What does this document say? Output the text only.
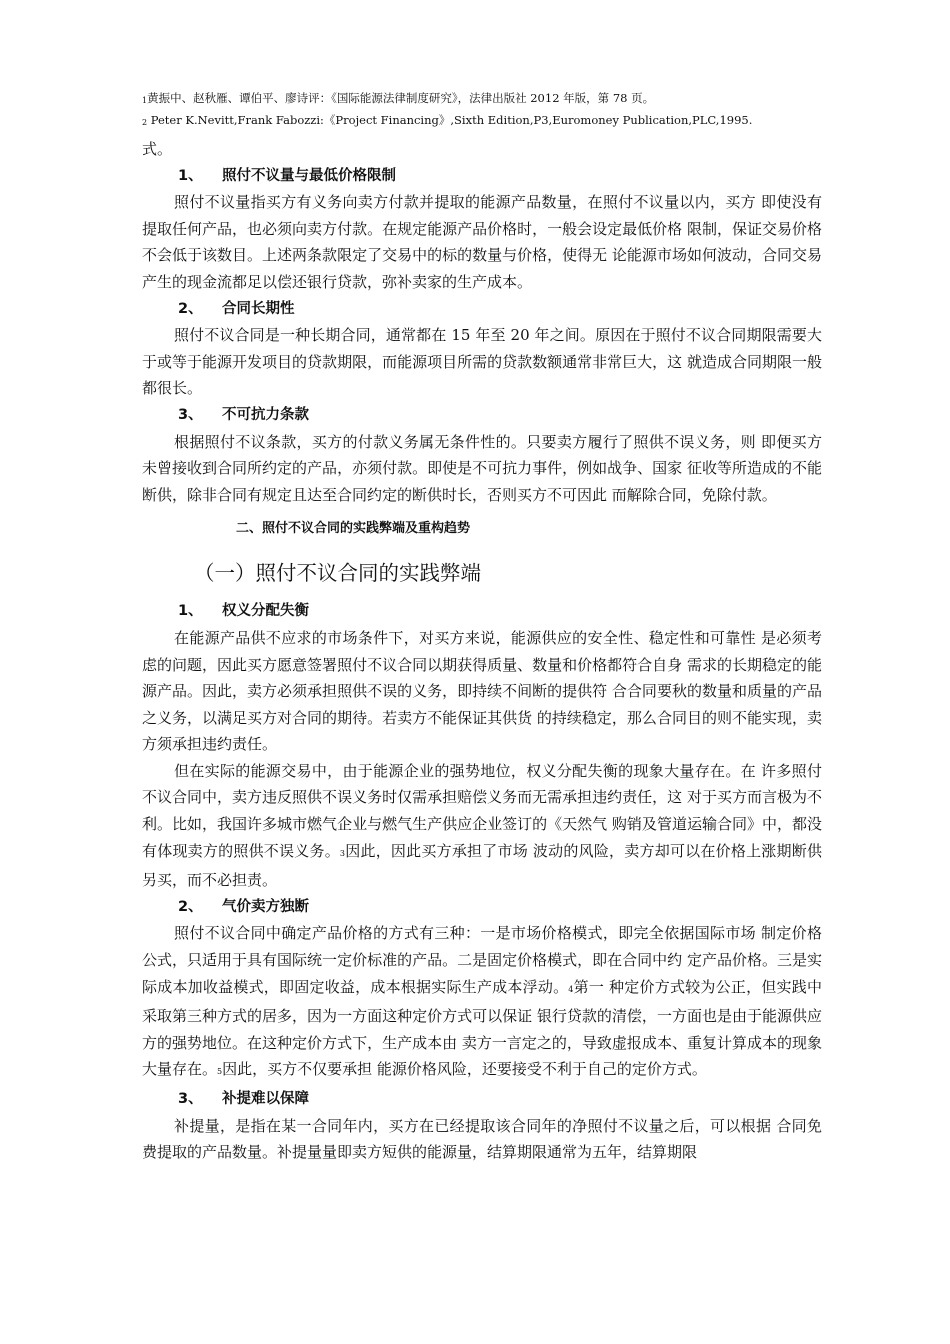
1黄振中、赵秋雁、谭伯平、廖诗评：《国际能源法律制度研究》，法律出版社 2012 年版，第 78 页。
$^2$ Peter K.Nevitt,Frank Fabozzi:《Project Financing》,Sixth Edition,P3,Euromoney Publication,PLC,1995.

式。

1、 照付不议量与最低价格限制

照付不议量指买方有义务向卖方付款并提取的能源产品数量，在照付不议量以内，买方 即使没有提取任何产品，也必须向卖方付款。在规定能源产品价格时，一般会设定最低价格 限制，保证交易价格不会低于该数目。上述两条款限定了交易中的标的数量与价格，使得无 论能源市场如何波动，合同交易产生的现金流都足以偿还银行贷款，弥补卖家的生产成本。

2、 合同长期性

照付不议合同是一种长期合同，通常都在 15 年至 20 年之间。原因在于照付不议合同期限需要大于或等于能源开发项目的贷款期限，而能源项目所需的贷款数额通常非常巨大，这 就造成合同期限一般都很长。

3、 不可抗力条款

根据照付不议条款，买方的付款义务属无条件性的。只要卖方履行了照供不误义务，则 即便买方未曾接收到合同所约定的产品，亦须付款。即使是不可抗力事件，例如战争、国家 征收等所造成的不能断供，除非合同有规定且达至合同约定的断供时长，否则买方不可因此 而解除合同，免除付款。

二、照付不议合同的实践弊端及重构趋势
（一）照付不议合同的实践弊端
1、 权义分配失衡

在能源产品供不应求的市场条件下，对买方来说，能源供应的安全性、稳定性和可靠性 是必须考虑的问题，因此买方愿意签署照付不议合同以期获得质量、数量和价格都符合自身 需求的长期稳定的能源产品。因此，卖方必须承担照供不误的义务，即持续不间断的提供符 合合同要秋的数量和质量的产品之义务，以满足买方对合同的期待。若卖方不能保证其供货 的持续稳定，那么合同目的则不能实现，卖方须承担违约责任。

但在实际的能源交易中，由于能源企业的强势地位，权义分配失衡的现象大量存在。在 许多照付不议合同中，卖方违反照供不误义务时仅需承担赔偿义务而无需承担违约责任，这 对于买方而言极为不利。比如，我国许多城市燃气企业与燃气生产供应企业签订的《天然气 购销及管道运输合同》中，都没有体现卖方的照供不误义务。3因此，因此买方承担了市场 波动的风险，卖方却可以在价格上涨期断供另买，而不必担责。

2、 气价卖方独断

照付不议合同中确定产品价格的方式有三种：一是市场价格模式，即完全依据国际市场 制定价格公式，只适用于具有国际统一定价标准的产品。二是固定价格模式，即在合同中约 定产品价格。三是实际成本加收益模式，即固定收益，成本根据实际生产成本浮动。4第一 种定价方式较为公正，但实践中采取第三种方式的居多，因为一方面这种定价方式可以保证 银行贷款的清偿，一方面也是由于能源供应方的强势地位。在这种定价方式下，生产成本由 卖方一言定之的，导致虚报成本、重复计算成本的现象大量存在。5因此，买方不仅要承担 能源价格风险，还要接受不利于自己的定价方式。

3、 补提难以保障

补提量，是指在某一合同年内，买方在已经提取该合同年的净照付不议量之后，可以根据 合同免费提取的产品数量。补提量量即卖方短供的能源量，结算期限通常为五年，结算期限
